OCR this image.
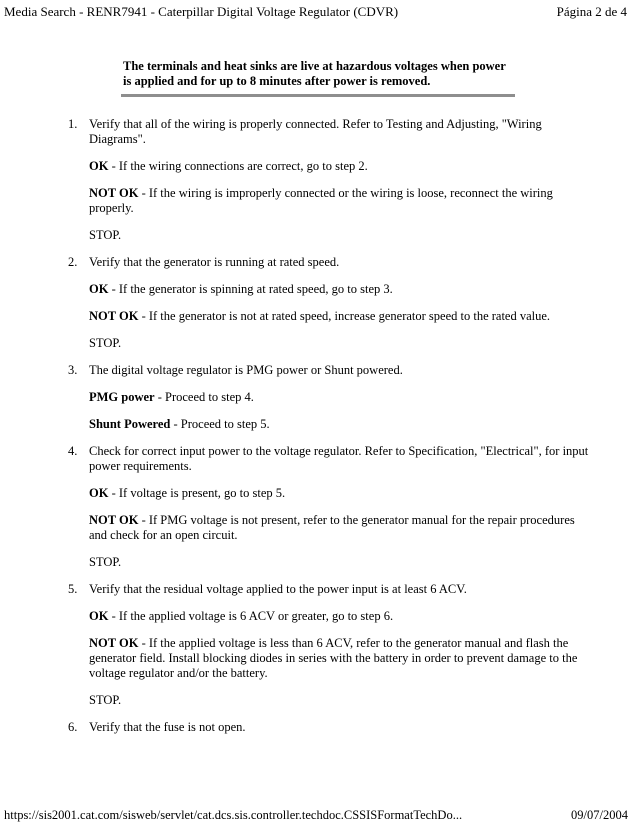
Media Search - RENR7941 - Caterpillar Digital Voltage Regulator (CDVR)	Página 2 de 4
The terminals and heat sinks are live at hazardous voltages when power
is applied and for up to 8 minutes after power is removed.
1. Verify that all of the wiring is properly connected. Refer to Testing and Adjusting, "Wiring Diagrams".

OK - If the wiring connections are correct, go to step 2.

NOT OK - If the wiring is improperly connected or the wiring is loose, reconnect the wiring properly.

STOP.

2. Verify that the generator is running at rated speed.

OK - If the generator is spinning at rated speed, go to step 3.

NOT OK - If the generator is not at rated speed, increase generator speed to the rated value.

STOP.

3. The digital voltage regulator is PMG power or Shunt powered.

PMG power - Proceed to step 4.

Shunt Powered - Proceed to step 5.

4. Check for correct input power to the voltage regulator. Refer to Specification, "Electrical", for input power requirements.

OK - If voltage is present, go to step 5.

NOT OK - If PMG voltage is not present, refer to the generator manual for the repair procedures and check for an open circuit.

STOP.

5. Verify that the residual voltage applied to the power input is at least 6 ACV.

OK - If the applied voltage is 6 ACV or greater, go to step 6.

NOT OK - If the applied voltage is less than 6 ACV, refer to the generator manual and flash the generator field. Install blocking diodes in series with the battery in order to prevent damage to the voltage regulator and/or the battery.

STOP.

6. Verify that the fuse is not open.

https://sis2001.cat.com/sisweb/servlet/cat.dcs.sis.controller.techdoc.CSSISFormatTechDo...	09/07/2004
